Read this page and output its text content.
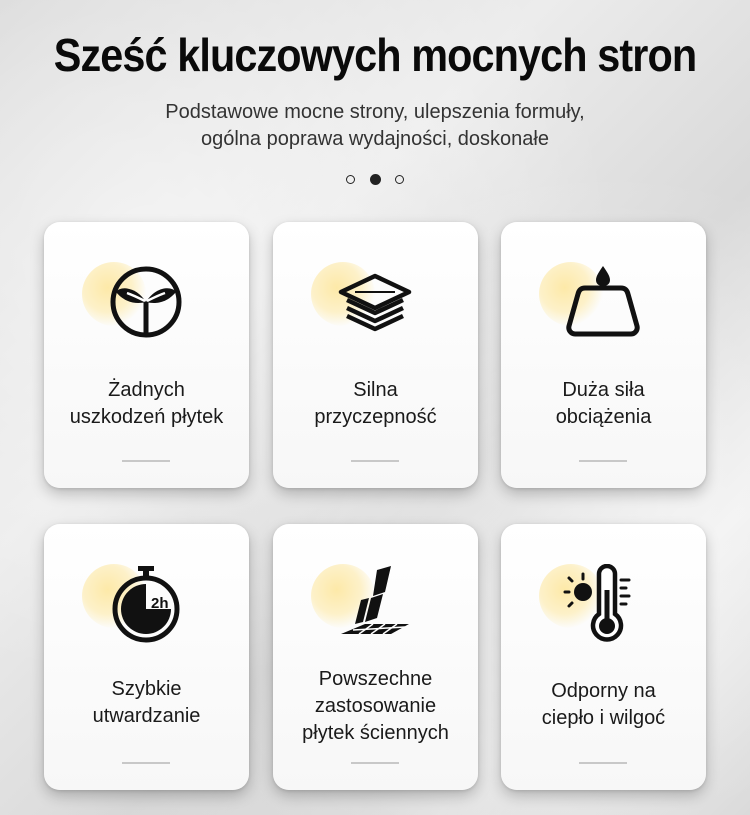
Sześć kluczowych mocnych stron
Podstawowe mocne strony, ulepszenia formuły,
ogólna poprawa wydajności, doskonałe

Żadnych
uszkodzeń płytek
Silna
przyczepność
Duża siła
obciążenia
2h
Szybkie
utwardzanie
Powszechne
zastosowanie
płytek ściennych
Odporny na
ciepło i wilgoć
